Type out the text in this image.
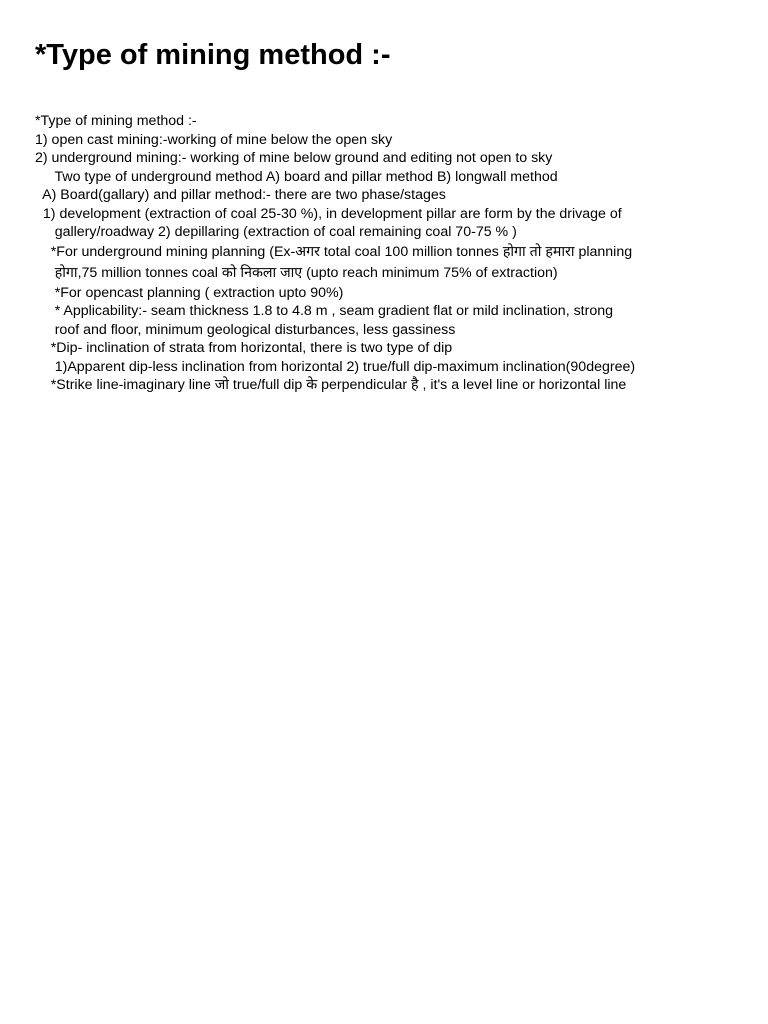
*Type of mining method :-

*Type of mining method :-

1) open cast mining:-working of mine below the open sky

2) underground mining:- working of mine below ground and editing not open to sky

Two type of underground method A) board and pillar method B) longwall method

A) Board(gallary) and pillar method:- there are two phase/stages

1) development (extraction of coal 25-30 %), in development pillar are form by the drivage of

gallery/roadway 2) depillaring (extraction of coal remaining coal 70-75 % )

*For underground mining planning (Ex-अगर total coal 100 million tonnes होगा तो हमारा planning

होगा,75 million tonnes coal को निकला जाए (upto reach minimum 75% of extraction)

*For opencast planning ( extraction upto 90%)

* Applicability:- seam thickness 1.8 to 4.8 m , seam gradient flat or mild inclination, strong

roof and floor, minimum geological disturbances, less gassiness

*Dip- inclination of strata from horizontal, there is two type of dip

1)Apparent dip-less inclination from horizontal 2) true/full dip-maximum inclination(90degree)

*Strike line-imaginary line जो true/full dip के perpendicular है , it's a level line or horizontal line
